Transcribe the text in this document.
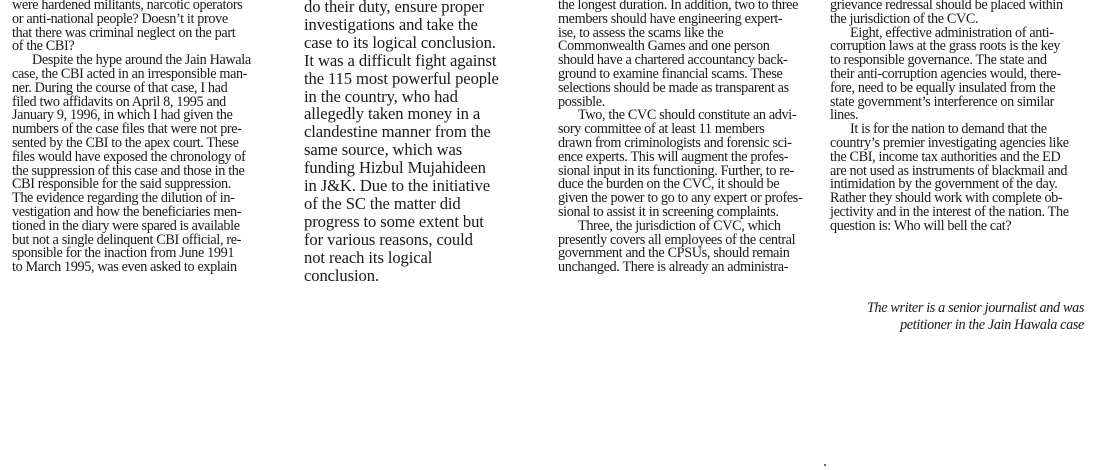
were hardened militants, narcotic operators
or anti-national people? Doesn’t it prove
that there was criminal neglect on the part
of the CBI?
Despite the hype around the Jain Hawala
case, the CBI acted in an irresponsible man-
ner. During the course of that case, I had
filed two affidavits on April 8, 1995 and
January 9, 1996, in which I had given the
numbers of the case files that were not pre-
sented by the CBI to the apex court. These
files would have exposed the chronology of
the suppression of this case and those in the
CBI responsible for the said suppression.
The evidence regarding the dilution of in-
vestigation and how the beneficiaries men-
tioned in the diary were spared is available
but not a single delinquent CBI official, re-
sponsible for the inaction from June 1991
to March 1995, was even asked to explain
do their duty, ensure proper
investigations and take the
case to its logical conclusion.
It was a difficult fight against
the 115 most powerful people
in the country, who had
allegedly taken money in a
clandestine manner from the
same source, which was
funding Hizbul Mujahideen
in J&K. Due to the initiative
of the SC the matter did
progress to some extent but
for various reasons, could
not reach its logical
conclusion.
the longest duration. In addition, two to three
members should have engineering expert-
ise, to assess the scams like the
Commonwealth Games and one person
should have a chartered accountancy back-
ground to examine financial scams. These
selections should be made as transparent as
possible.
Two, the CVC should constitute an advi-
sory committee of at least 11 members
drawn from criminologists and forensic sci-
ence experts. This will augment the profes-
sional input in its functioning. Further, to re-
duce the burden on the CVC, it should be
given the power to go to any expert or profes-
sional to assist it in screening complaints.
Three, the jurisdiction of CVC, which
presently covers all employees of the central
government and the CPSUs, should remain
unchanged. There is already an administra-
grievance redressal should be placed within
the jurisdiction of the CVC.
Eight, effective administration of anti-
corruption laws at the grass roots is the key
to responsible governance. The state and
their anti-corruption agencies would, there-
fore, need to be equally insulated from the
state government’s interference on similar
lines.
It is for the nation to demand that the
country’s premier investigating agencies like
the CBI, income tax authorities and the ED
are not used as instruments of blackmail and
intimidation by the government of the day.
Rather they should work with complete ob-
jectivity and in the interest of the nation. The
question is: Who will bell the cat?
The writer is a senior journalist and was
petitioner in the Jain Hawala case
